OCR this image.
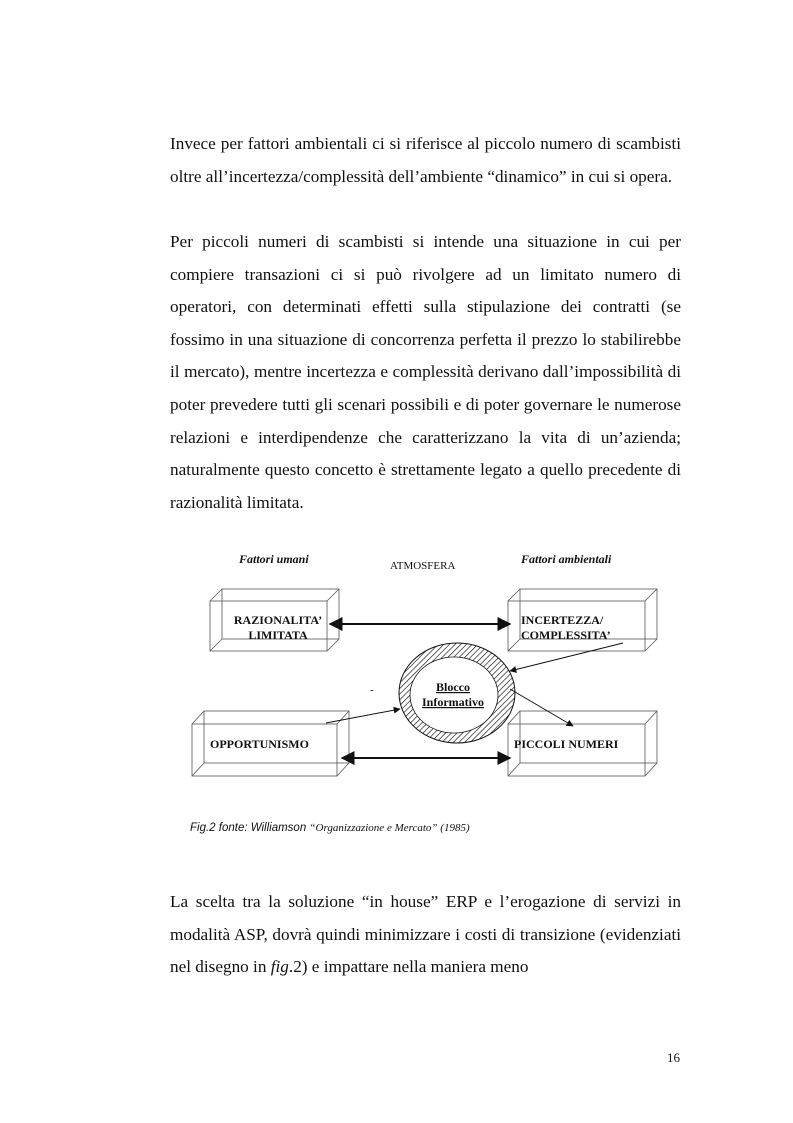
Invece per fattori ambientali ci si riferisce al piccolo numero di scambisti oltre all’incertezza/complessità dell’ambiente “dinamico” in cui si opera.

Per piccoli numeri di scambisti si intende una situazione in cui per compiere transazioni ci si può rivolgere ad un limitato numero di operatori, con determinati effetti sulla stipulazione dei contratti (se fossimo in una situazione di concorrenza perfetta il prezzo lo stabilirebbe il mercato), mentre incertezza e complessità derivano dall’impossibilità di poter prevedere tutti gli scenari possibili e di poter governare le numerose relazioni e interdipendenze che caratterizzano la vita di un’azienda; naturalmente questo concetto è strettamente legato a quello precedente di razionalità limitata.

Fattori umani	ATMOSFERA	Fattori ambientali
RAZIONALITA’
LIMITATA
INCERTEZZA/
COMPLESSITA’
OPPORTUNISMO	PICCOLI NUMERI
Blocco
Informativo
-
Fig.2 fonte: Williamson “Organizzazione e Mercato” (1985)

La scelta tra la soluzione “in house” ERP e l’erogazione di servizi in modalità ASP, dovrà quindi minimizzare i costi di transizione (evidenziati nel disegno in fig.2) e impattare nella maniera meno

16
